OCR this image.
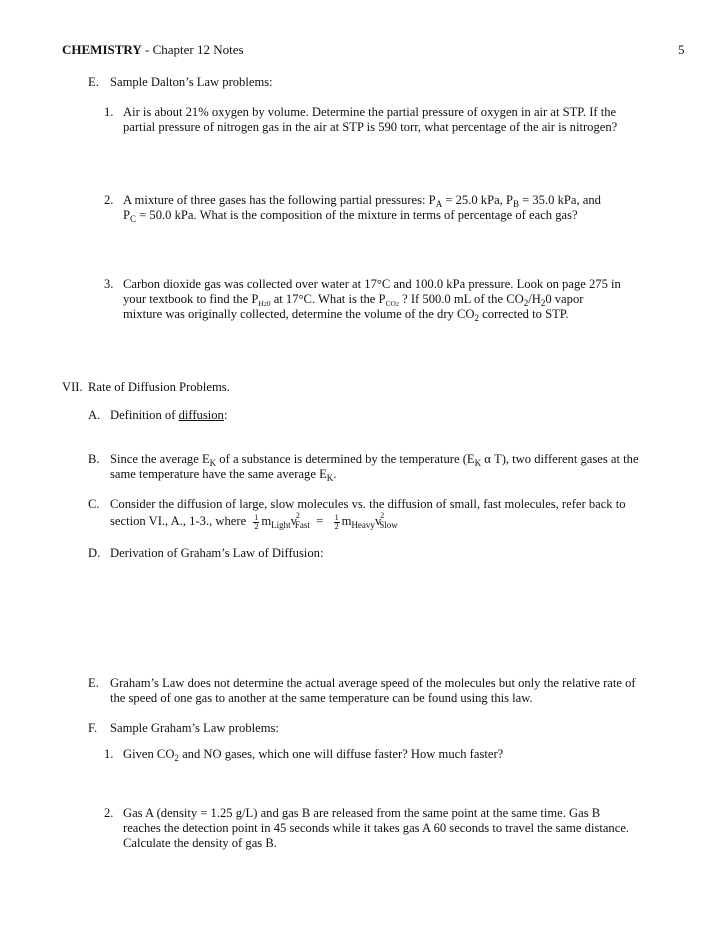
CHEMISTRY - Chapter 12 Notes	5
E. Sample Dalton’s Law problems:
1. Air is about 21% oxygen by volume. Determine the partial pressure of oxygen in air at STP. If the
partial pressure of nitrogen gas in the air at STP is 590 torr, what percentage of the air is nitrogen?
2. A mixture of three gases has the following partial pressures: $P_A = 25.0$ kPa, $P_B = 35.0$ kPa, and
$P_C = 50.0$ kPa. What is the composition of the mixture in terms of percentage of each gas?
3. Carbon dioxide gas was collected over water at 17°C and 100.0 kPa pressure. Look on page 275 in
your textbook to find the $P_{H20}$ at 17°C. What is the $P_{CO2}$ ? If 500.0 mL of the $CO_2/H_20$ vapor
mixture was originally collected, determine the volume of the dry $CO_2$ corrected to STP.
VII. Rate of Diffusion Problems.
A. Definition of diffusion:
B. Since the average $E_K$ of a substance is determined by the temperature ($E_K$ α T), two different gases at the
same temperature have the same average $E_K$.
C. Consider the diffusion of large, slow molecules vs. the diffusion of small, fast molecules, refer back to
section VI., A., 1-3., where $\frac{1}{2} m_{Light}v^2_{Fast} = \frac{1}{2} m_{Heavy}v^2_{Slow}$
D. Derivation of Graham’s Law of Diffusion:
E. Graham’s Law does not determine the actual average speed of the molecules but only the relative rate of
the speed of one gas to another at the same temperature can be found using this law.
F. Sample Graham’s Law problems:
1. Given $CO_2$ and NO gases, which one will diffuse faster? How much faster?
2. Gas A (density = 1.25 g/L) and gas B are released from the same point at the same time. Gas B
reaches the detection point in 45 seconds while it takes gas A 60 seconds to travel the same distance.
Calculate the density of gas B.
